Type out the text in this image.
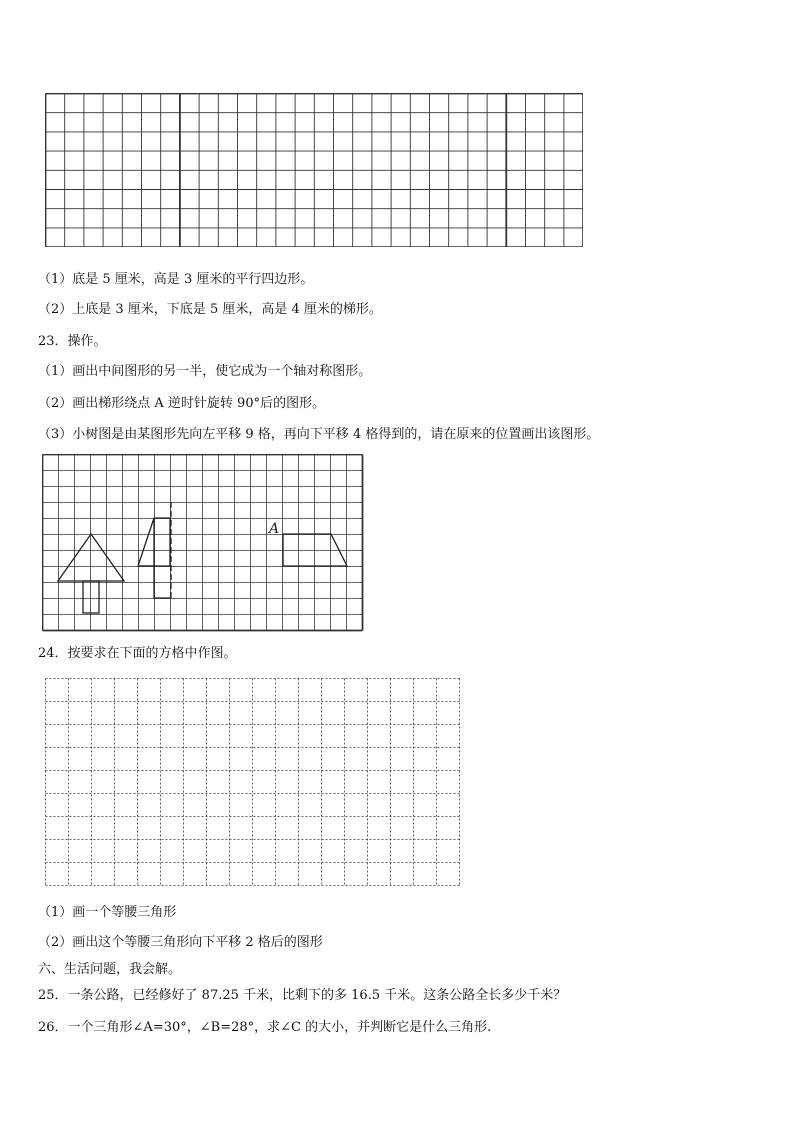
（1）底是 5 厘米，高是 3 厘米的平行四边形。
（2）上底是 3 厘米，下底是 5 厘米，高是 4 厘米的梯形。
23．操作。
（1）画出中间图形的另一半，使它成为一个轴对称图形。
（2）画出梯形绕点 A 逆时针旋转 90°后的图形。
（3）小树图是由某图形先向左平移 9 格，再向下平移 4 格得到的，请在原来的位置画出该图形。
A
24．按要求在下面的方格中作图。
（1）画一个等腰三角形
（2）画出这个等腰三角形向下平移 2 格后的图形
六、生活问题，我会解。
25．一条公路，已经修好了 87.25 千米，比剩下的多 16.5 千米。这条公路全长多少千米？
26．一个三角形∠A=30°，∠B=28°，求∠C 的大小，并判断它是什么三角形.
